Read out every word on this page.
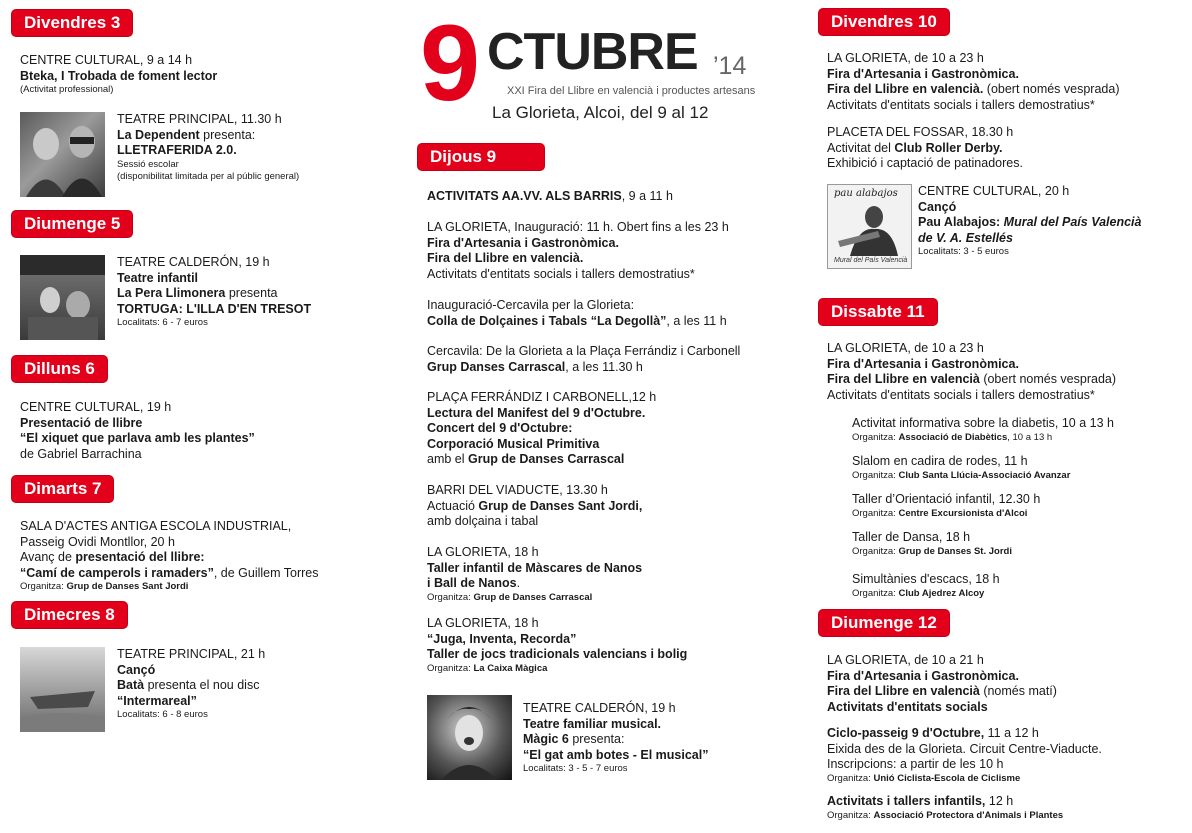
Divendres 3
CENTRE CULTURAL, 9 a 14 h
Bteka, I Trobada de foment lector
(Activitat professional)
TEATRE PRINCIPAL, 11.30 h
La Dependent presenta:
LLETRAFERIDA 2.0.
Sessió escolar
(disponibilitat limitada per al públic general)
Diumenge 5
TEATRE CALDERÓN, 19 h
Teatre infantil
La Pera Llimonera presenta
TORTUGA: L'ILLA D'EN TRESOT
Localitats: 6 - 7 euros
Dilluns 6
CENTRE CULTURAL, 19 h
Presentació de llibre
“El xiquet que parlava amb les plantes”
de Gabriel Barrachina
Dimarts 7
SALA D'ACTES ANTIGA ESCOLA INDUSTRIAL,
Passeig Ovidi Montllor, 20 h
Avanç de presentació del llibre:
“Camí de camperols i ramaders”, de Guillem Torres
Organitza: Grup de Danses Sant Jordi
Dimecres 8
TEATRE PRINCIPAL, 21 h
Cançó
Batà presenta el nou disc
“Intermareal”
Localitats: 6 - 8 euros
9 CTUBRE ’14
XXI Fira del Llibre en valencià i productes artesans
La Glorieta, Alcoi, del 9 al 12
Dijous 9
ACTIVITATS AA.VV. ALS BARRIS, 9 a 11 h
LA GLORIETA, Inauguració: 11 h. Obert fins a les 23 h
Fira d'Artesania i Gastronòmica.
Fira del Llibre en valencià.
Activitats d'entitats socials i tallers demostratius*
Inauguració-Cercavila per la Glorieta:
Colla de Dolçaines i Tabals “La Degollà”, a les 11 h
Cercavila: De la Glorieta a la Plaça Ferrándiz i Carbonell
Grup Danses Carrascal, a les 11.30 h
PLAÇA FERRÁNDIZ I CARBONELL,12 h
Lectura del Manifest del 9 d'Octubre.
Concert del 9 d'Octubre:
Corporació Musical Primitiva
amb el Grup de Danses Carrascal
BARRI DEL VIADUCTE, 13.30 h
Actuació Grup de Danses Sant Jordi,
amb dolçaina i tabal
LA GLORIETA, 18 h
Taller infantil de Màscares de Nanos
i Ball de Nanos.
Organitza: Grup de Danses Carrascal
LA GLORIETA, 18 h
“Juga, Inventa, Recorda”
Taller de jocs tradicionals valencians i bolig
Organitza: La Caixa Màgica
TEATRE CALDERÓN, 19 h
Teatre familiar musical.
Màgic 6 presenta:
“El gat amb botes - El musical”
Localitats: 3 - 5 - 7 euros
Divendres 10
LA GLORIETA, de 10 a 23 h
Fira d'Artesania i Gastronòmica.
Fira del Llibre en valencià. (obert només vesprada)
Activitats d'entitats socials i tallers demostratius*
PLACETA DEL FOSSAR, 18.30 h
Activitat del Club Roller Derby.
Exhibició i captació de patinadores.
pau alabajos
Mural del País Valencià
CENTRE CULTURAL, 20 h
Cançó
Pau Alabajos: Mural del País Valencià
de V. A. Estellés
Localitats: 3 - 5 euros
Dissabte 11
LA GLORIETA, de 10 a 23 h
Fira d'Artesania i Gastronòmica.
Fira del Llibre en valencià (obert només vesprada)
Activitats d'entitats socials i tallers demostratius*
Activitat informativa sobre la diabetis, 10 a 13 h
Organitza: Associació de Diabètics, 10 a 13 h
Slalom en cadira de rodes, 11 h
Organitza: Club Santa Llúcia-Associació Avanzar
Taller d’Orientació infantil, 12.30 h
Organitza: Centre Excursionista d'Alcoi
Taller de Dansa, 18 h
Organitza: Grup de Danses St. Jordi
Simultànies d'escacs, 18 h
Organitza: Club Ajedrez Alcoy
Diumenge 12
LA GLORIETA, de 10 a 21 h
Fira d'Artesania i Gastronòmica.
Fira del Llibre en valencià (només matí)
Activitats d'entitats socials
Ciclo-passeig 9 d'Octubre, 11 a 12 h
Eixida des de la Glorieta. Circuit Centre-Viaducte.
Inscripcions: a partir de les 10 h
Organitza: Unió Ciclista-Escola de Ciclisme
Activitats i tallers infantils, 12 h
Organitza: Associació Protectora d'Animals i Plantes
